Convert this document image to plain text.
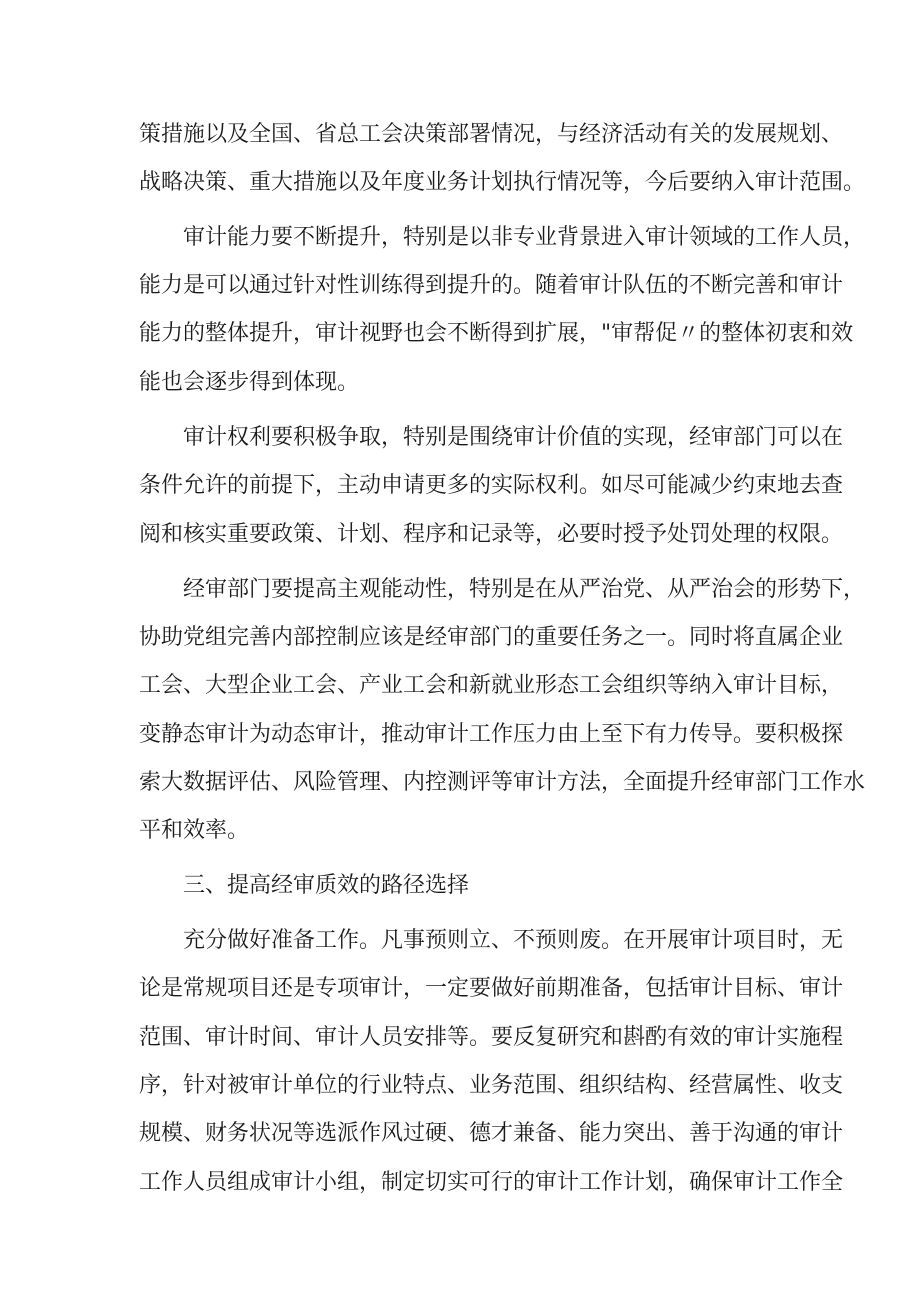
策措施以及全国、省总工会决策部署情况，与经济活动有关的发展规划、
战略决策、重大措施以及年度业务计划执行情况等，今后要纳入审计范围。
审计能力要不断提升，特别是以非专业背景进入审计领域的工作人员，
能力是可以通过针对性训练得到提升的。随着审计队伍的不断完善和审计
能力的整体提升，审计视野也会不断得到扩展，"审帮促〃的整体初衷和效
能也会逐步得到体现。
审计权利要积极争取，特别是围绕审计价值的实现，经审部门可以在
条件允许的前提下，主动申请更多的实际权利。如尽可能减少约束地去查
阅和核实重要政策、计划、程序和记录等，必要时授予处罚处理的权限。
经审部门要提高主观能动性，特别是在从严治党、从严治会的形势下，
协助党组完善内部控制应该是经审部门的重要任务之一。同时将直属企业
工会、大型企业工会、产业工会和新就业形态工会组织等纳入审计目标，
变静态审计为动态审计，推动审计工作压力由上至下有力传导。要积极探
索大数据评估、风险管理、内控测评等审计方法，全面提升经审部门工作水
平和效率。
三、提高经审质效的路径选择
充分做好准备工作。凡事预则立、不预则废。在开展审计项目时，无
论是常规项目还是专项审计，一定要做好前期准备，包括审计目标、审计
范围、审计时间、审计人员安排等。要反复研究和斟酌有效的审计实施程
序，针对被审计单位的行业特点、业务范围、组织结构、经营属性、收支
规模、财务状况等选派作风过硬、德才兼备、能力突出、善于沟通的审计
工作人员组成审计小组，制定切实可行的审计工作计划，确保审计工作全
